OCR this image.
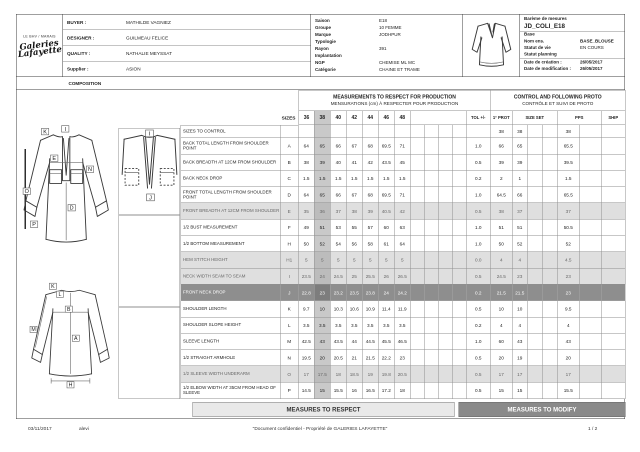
LE BHV / MARAIS
Galeries Lafayette
BUYER :	MATHILDE VAGNIEZ
DESIGNER :	GUILMEAU FELICE
QUALITY :	NATHALIE MEYSSAT
Supplier :	ASION
Saison	E18
Groupe	10 FEMME
Marque	JODHPUR
Typologie
Rayon	391
Implantation
NGP	CHEMISE ML MC
Catégorie	CHAINE ET TRAME
Barème de mesures
JD_COLI_E18
Base
Nom ens.	BASE_BLOUSE
Statut de vie	EN COURS
Statut planning
Date de création :	26/05/2017
Date de modification : 26/05/2017
COMPOSITION
I
J
I
K
E
N
D
O
P
K
L
B
M
A
H
MEASUREMENTS TO RESPECT FOR PRODUCTION
MENSURATIONS (cm) À RESPECTER POUR PRODUCTION
CONTROL AND FOLLOWING PROTO
CONTRÔLE ET SUIVI DE PROTO
SIZES 36	38	40	42	44	46	48	TOL +/- 1° PROT	SIZE SET	PPS	SHIP
SIZES TO CONTROL	38	38	38
BACK TOTAL LENGTH FROM SHOULDER POINT	A	64	65	66	67	68 69.5 71	1.0	66	65	65.5
BACK BREADTH AT 12CM FROM SHOULDER	B	38	39	40	41	42 43.5 45	0.5	39	39	39.5
BACK NECK DROP	C	1.5	1.5	1.5	1.5	1.5	1.5	1.5	0.2	2	1	1.5
FRONT TOTAL LENGTH FROM SHOULDER POINT	D	64	65	66	67	68 69.5 71	1.0	64.5	66	65.5
FRONT BREADTH AT 12CM FROM SHOULDER E	35	36	37	38	39 40.5 42	0.5	38	37	37
1/2 BUST MEASUREMENT	F	49	51	53	55	57	60	63	1.0	51	51	50.5
1/2 BOTTOM MEASUREMENT	H	50	52	54	56	58	61	64	1.0	50	52	52
HEM STITCH HEIGHT	H1	5	5	5	5	5	5	5	0.0	4	4	4.5
NECK WIDTH SEAM TO SEAM	I	23.5 24 24.5 25 25.5 26 26.5	0.5	24.5	23	23
FRONT NECK DROP	J	22.8 23 23.2 23.5 23.8 24 24.2	0.2	21.5 21.5	23
SHOULDER LENGTH	K	9.7	10 10.3 10.6 10.9 11.4 11.9	0.5	10	10	9.5
SHOULDER SLOPE HEIGHT	L	3.5	3.5	3.5	3.5	3.5	3.5	3.5	0.2	4	4	4
SLEEVE LENGTH	M	42.5 43 43.5 44 44.5 45.5 46.5	1.0	60	43	43
1/2 STRAIGHT ARMHOLE	N	19.5 20 20.5 21 21.5 22.2 23	0.5	20	19	20
1/2 SLEEVE WIDTH UNDERARM	O	17 17.5 18 18.5 19 19.8 20.5	0.5	17	17	17
1/2 ELBOW WIDTH AT 35CM FROM HEAD OF SLEEVE	P	14.5 15 15.5 16 16.5 17.2 18	0.5	15	15	15.5
MEASURES TO RESPECT	MEASURES TO MODIFY
03/11/2017	alevi	"Document confidentiel - Propriété de GALERIES LAFAYETTE"	1 / 2
